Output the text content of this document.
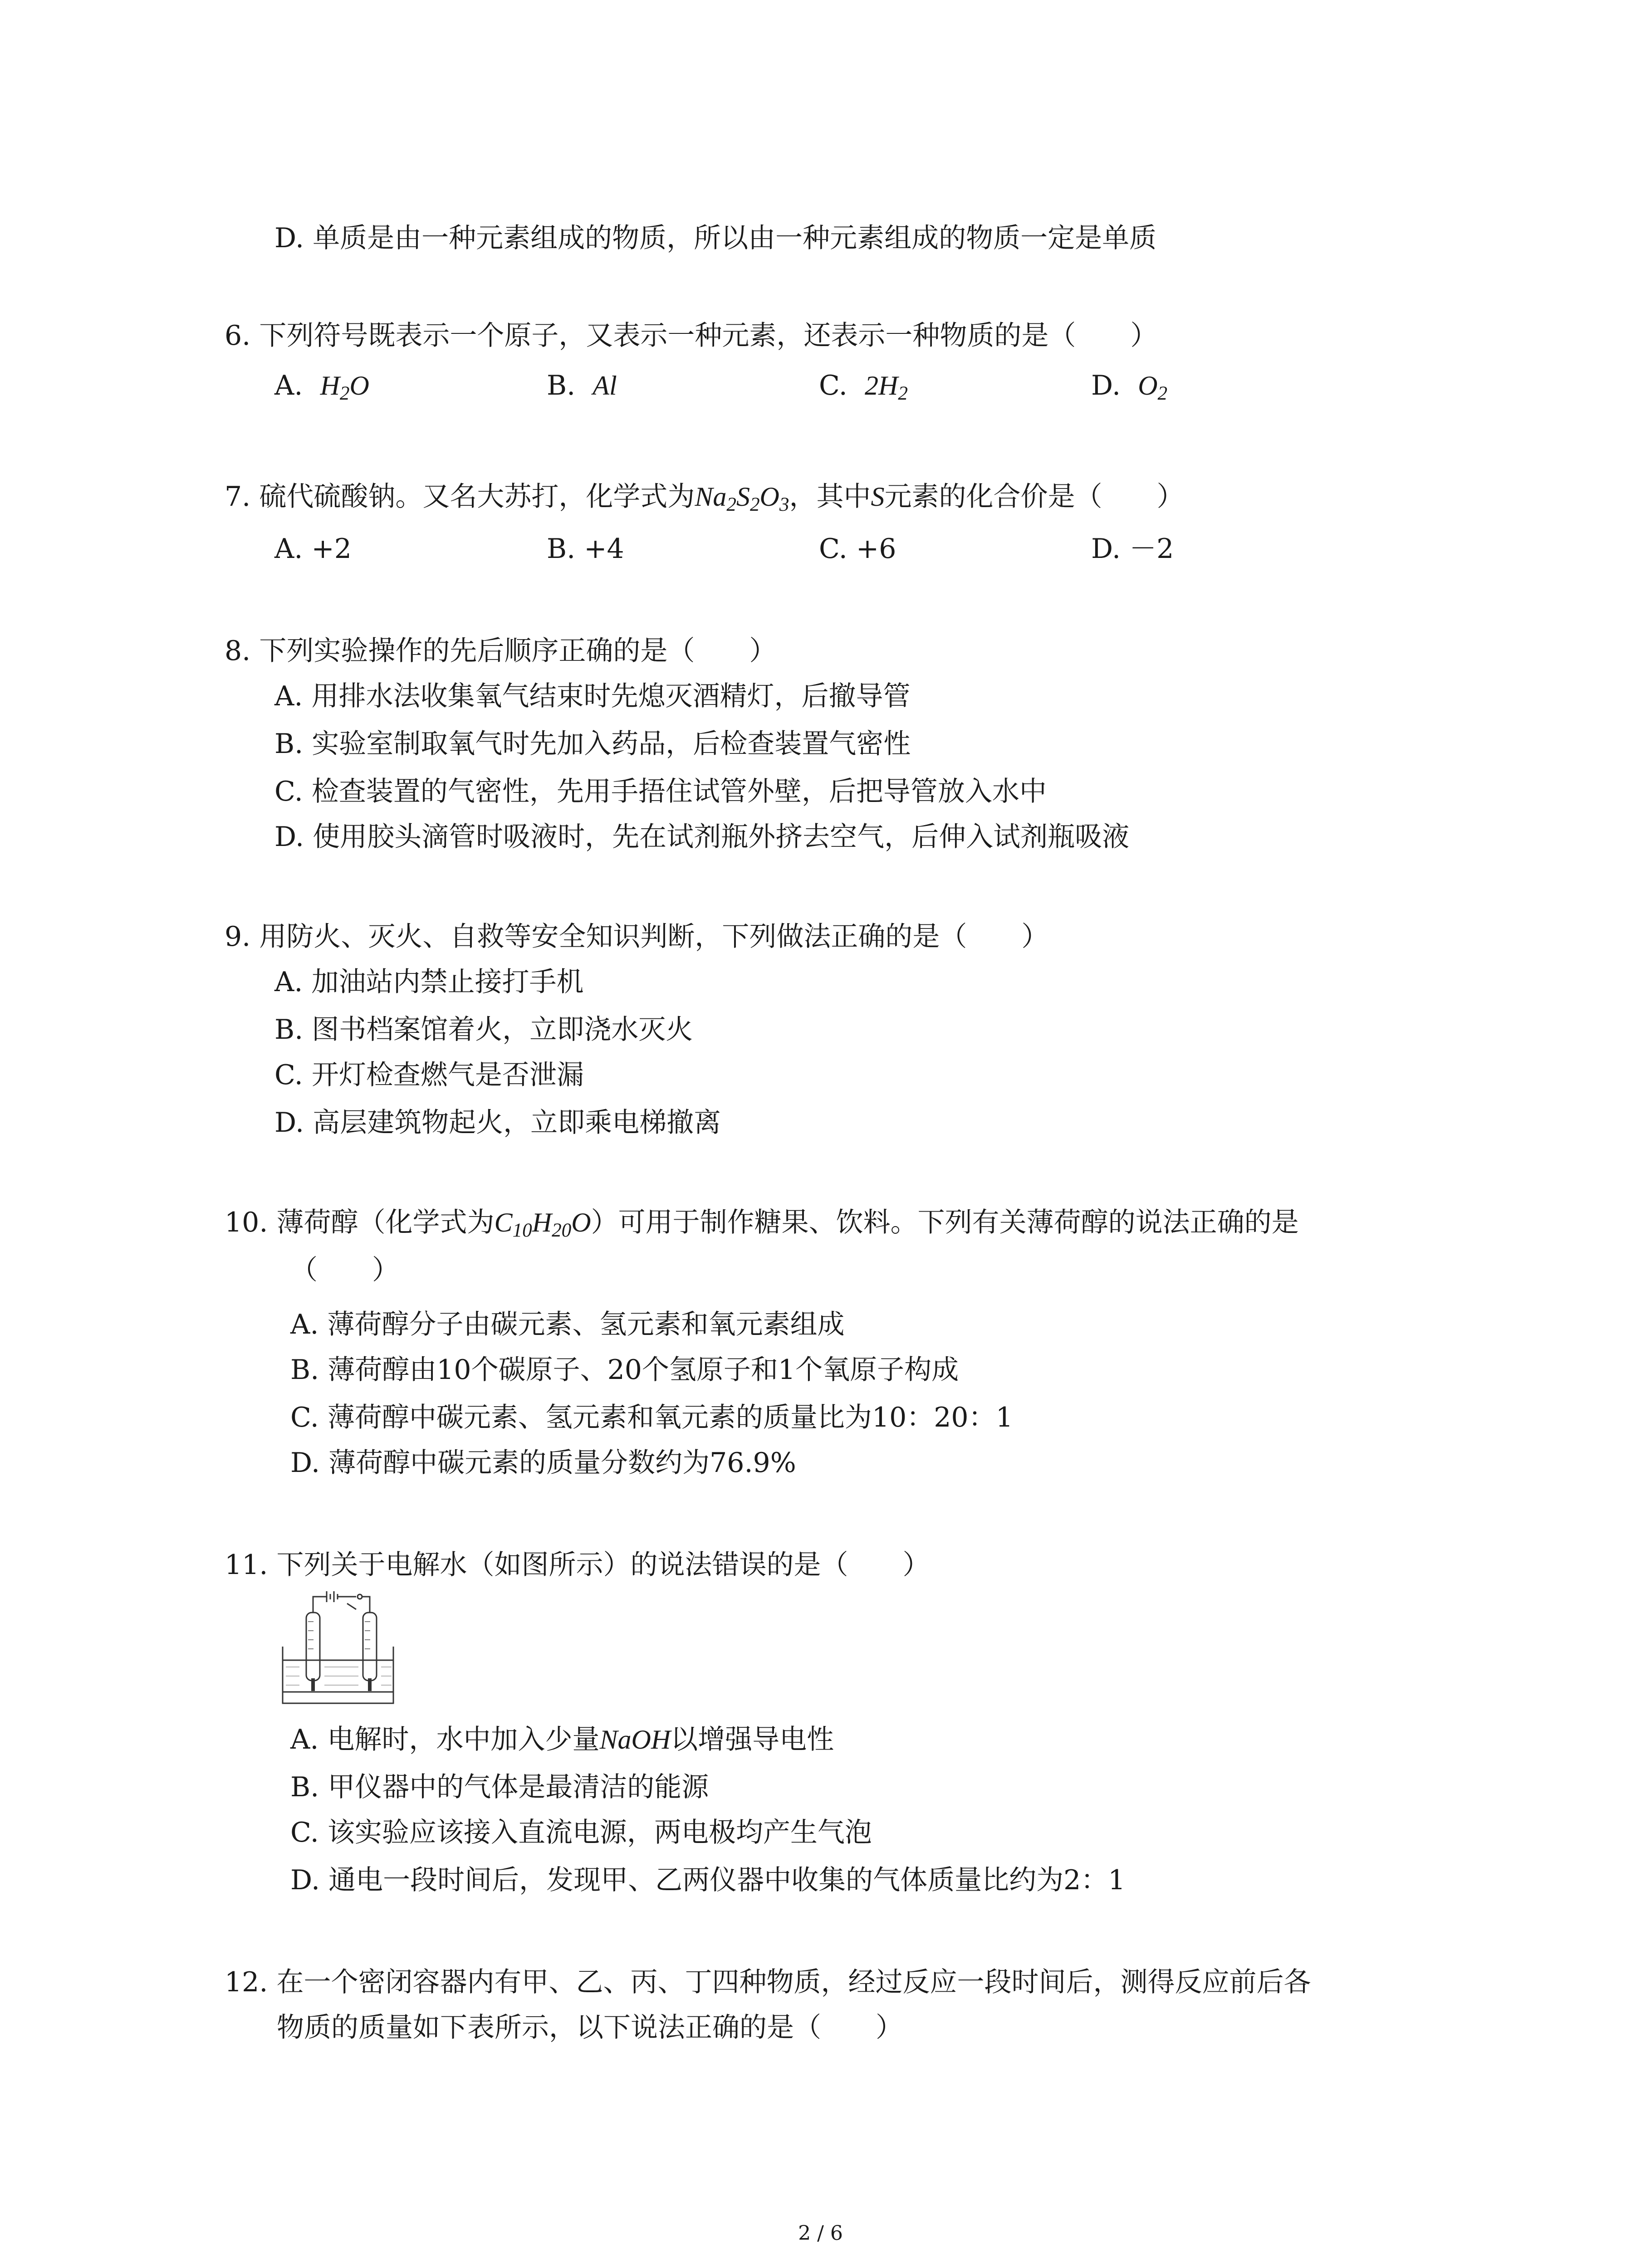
D. 单质是由一种元素组成的物质，所以由一种元素组成的物质一定是单质
6. 下列符号既表示一个原子，又表示一种元素，还表示一种物质的是（　　）
A. $H_2O$	B. Al	C. $2H_2$	D. $O_2$
7. 硫代硫酸钠。又名大苏打，化学式为$Na_2S_2O_3$，其中S元素的化合价是（　　）
A. +2	B. +4	C. +6	D. －2
8. 下列实验操作的先后顺序正确的是（　　）
A. 用排水法收集氧气结束时先熄灭酒精灯，后撤导管
B. 实验室制取氧气时先加入药品，后检查装置气密性
C. 检查装置的气密性，先用手捂住试管外壁，后把导管放入水中
D. 使用胶头滴管时吸液时，先在试剂瓶外挤去空气，后伸入试剂瓶吸液
9. 用防火、灭火、自救等安全知识判断，下列做法正确的是（　　）
A. 加油站内禁止接打手机
B. 图书档案馆着火，立即浇水灭火
C. 开灯检查燃气是否泄漏
D. 高层建筑物起火，立即乘电梯撤离
10. 薄荷醇（化学式为$C_{10}H_{20}O$）可用于制作糖果、饮料。下列有关薄荷醇的说法正确的是
（　　）
A. 薄荷醇分子由碳元素、氢元素和氧元素组成
B. 薄荷醇由10个碳原子、20个氢原子和1个氧原子构成
C. 薄荷醇中碳元素、氢元素和氧元素的质量比为10：20：1
D. 薄荷醇中碳元素的质量分数约为76.9%
11. 下列关于电解水（如图所示）的说法错误的是（　　）
A. 电解时，水中加入少量NaOH以增强导电性
B. 甲仪器中的气体是最清洁的能源
C. 该实验应该接入直流电源，两电极均产生气泡
D. 通电一段时间后，发现甲、乙两仪器中收集的气体质量比约为2：1
12. 在一个密闭容器内有甲、乙、丙、丁四种物质，经过反应一段时间后，测得反应前后各
物质的质量如下表所示，以下说法正确的是（　　）
2 / 6
